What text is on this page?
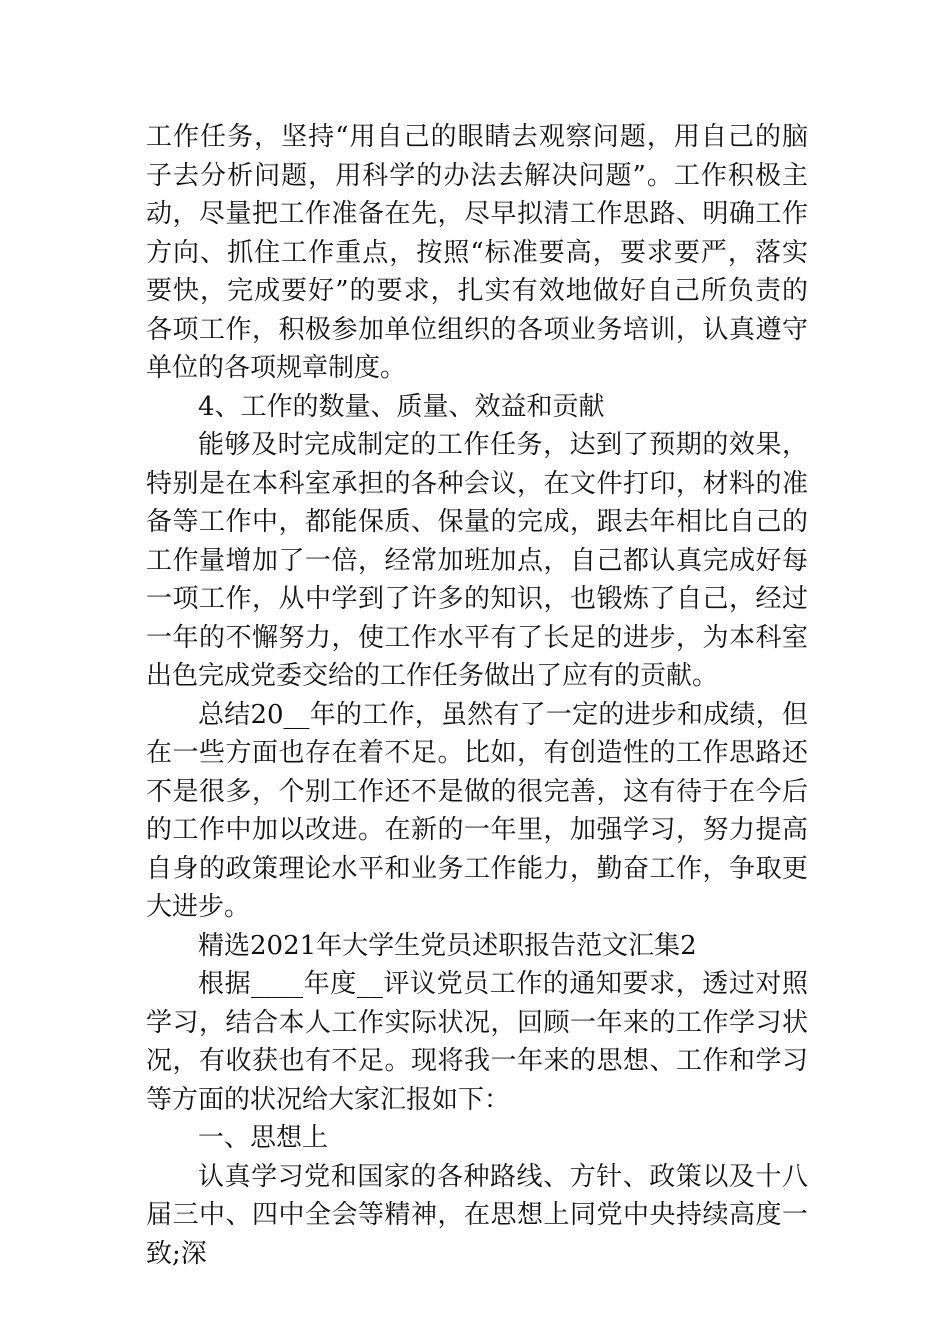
工作任务，坚持“用自己的眼睛去观察问题，用自己的脑子去分析问题，用科学的办法去解决问题”。工作积极主动，尽量把工作准备在先，尽早拟清工作思路、明确工作方向、抓住工作重点，按照“标准要高，要求要严，落实要快，完成要好”的要求，扎实有效地做好自己所负责的各项工作，积极参加单位组织的各项业务培训，认真遵守单位的各项规章制度。

4、工作的数量、质量、效益和贡献

能够及时完成制定的工作任务，达到了预期的效果，特别是在本科室承担的各种会议，在文件打印，材料的准备等工作中，都能保质、保量的完成，跟去年相比自己的工作量增加了一倍，经常加班加点，自己都认真完成好每一项工作，从中学到了许多的知识，也锻炼了自己，经过一年的不懈努力，使工作水平有了长足的进步，为本科室出色完成党委交给的工作任务做出了应有的贡献。

总结20__年的工作，虽然有了一定的进步和成绩，但在一些方面也存在着不足。比如，有创造性的工作思路还不是很多，个别工作还不是做的很完善，这有待于在今后的工作中加以改进。在新的一年里，加强学习，努力提高自身的政策理论水平和业务工作能力，勤奋工作，争取更大进步。

精选2021年大学生党员述职报告范文汇集2

根据____年度__评议党员工作的通知要求，透过对照学习，结合本人工作实际状况，回顾一年来的工作学习状况，有收获也有不足。现将我一年来的思想、工作和学习等方面的状况给大家汇报如下：

一、思想上

认真学习党和国家的各种路线、方针、政策以及十八届三中、四中全会等精神，在思想上同党中央持续高度一致;深
